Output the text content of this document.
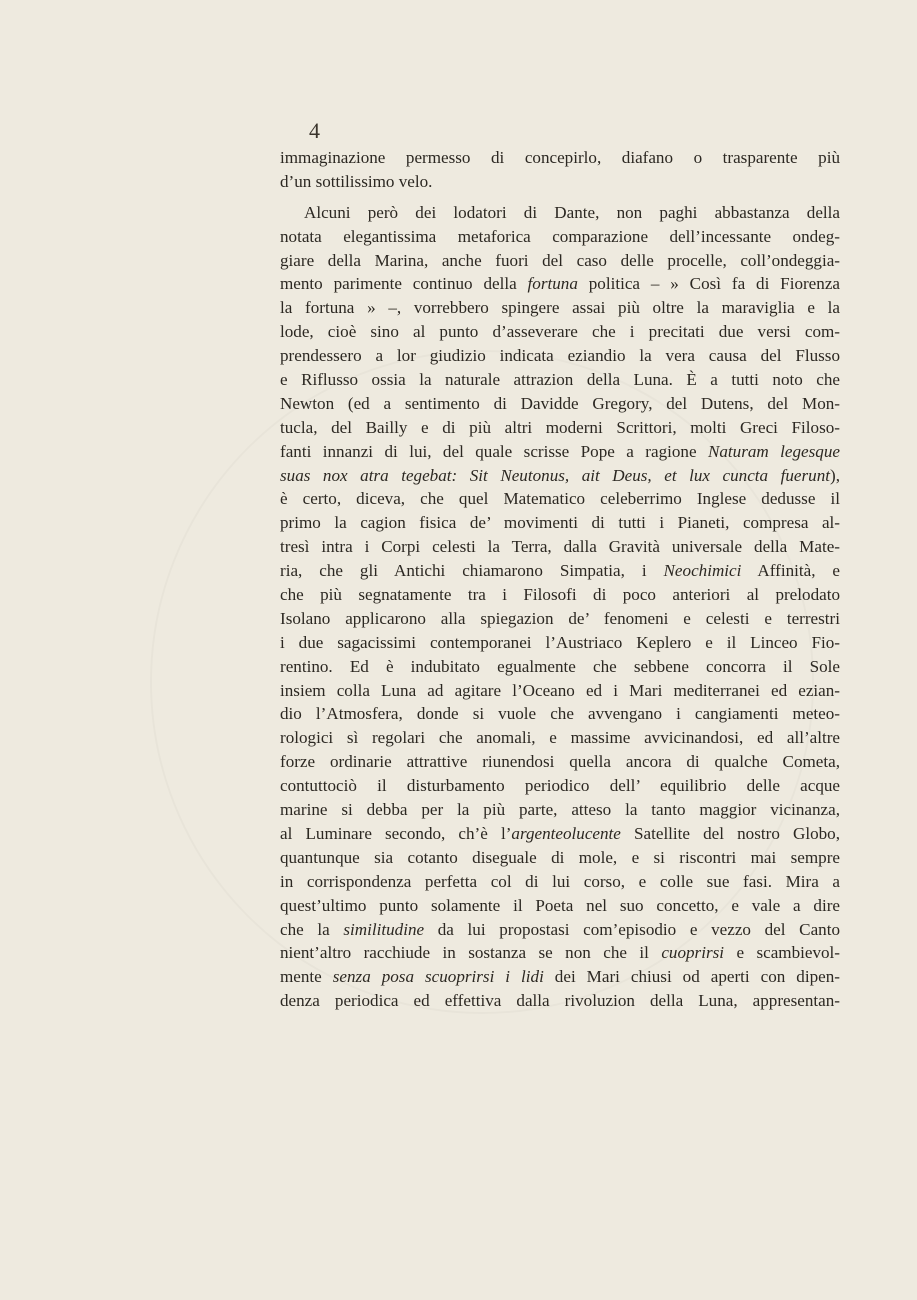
4
immaginazione permesso di concepirlo, diafano o trasparente più
d’un sottilissimo velo.
Alcuni però dei lodatori di Dante, non paghi abbastanza della
notata elegantissima metaforica comparazione dell’incessante ondeg-
giare della Marina, anche fuori del caso delle procelle, coll’ondeggia-
mento parimente continuo della fortuna politica – » Così fa di Fiorenza
la fortuna » –, vorrebbero spingere assai più oltre la maraviglia e la
lode, cioè sino al punto d’asseverare che i precitati due versi com-
prendessero a lor giudizio indicata eziandio la vera causa del Flusso
e Riflusso ossia la naturale attrazion della Luna. È a tutti noto che
Newton (ed a sentimento di Davidde Gregory, del Dutens, del Mon-
tucla, del Bailly e di più altri moderni Scrittori, molti Greci Filoso-
fanti innanzi di lui, del quale scrisse Pope a ragione Naturam legesque
suas nox atra tegebat: Sit Neutonus, ait Deus, et lux cuncta fuerunt),
è certo, diceva, che quel Matematico celeberrimo Inglese dedusse il
primo la cagion fisica de’ movimenti di tutti i Pianeti, compresa al-
tresì intra i Corpi celesti la Terra, dalla Gravità universale della Mate-
ria, che gli Antichi chiamarono Simpatia, i Neochimici Affinità, e
che più segnatamente tra i Filosofi di poco anteriori al prelodato
Isolano applicarono alla spiegazion de’ fenomeni e celesti e terrestri
i due sagacissimi contemporanei l’Austriaco Keplero e il Linceo Fio-
rentino. Ed è indubitato egualmente che sebbene concorra il Sole
insiem colla Luna ad agitare l’Oceano ed i Mari mediterranei ed ezian-
dio l’Atmosfera, donde si vuole che avvengano i cangiamenti meteo-
rologici sì regolari che anomali, e massime avvicinandosi, ed all’altre
forze ordinarie attrattive riunendosi quella ancora di qualche Cometa,
contuttociò il disturbamento periodico dell’ equilibrio delle acque
marine si debba per la più parte, atteso la tanto maggior vicinanza,
al Luminare secondo, ch’è l’argenteolucente Satellite del nostro Globo,
quantunque sia cotanto diseguale di mole, e si riscontri mai sempre
in corrispondenza perfetta col di lui corso, e colle sue fasi. Mira a
quest’ultimo punto solamente il Poeta nel suo concetto, e vale a dire
che la similitudine da lui propostasi com’episodio e vezzo del Canto
nient’altro racchiude in sostanza se non che il cuoprirsi e scambievol-
mente senza posa scuoprirsi i lidi dei Mari chiusi od aperti con dipen-
denza periodica ed effettiva dalla rivoluzion della Luna, appresentan-
